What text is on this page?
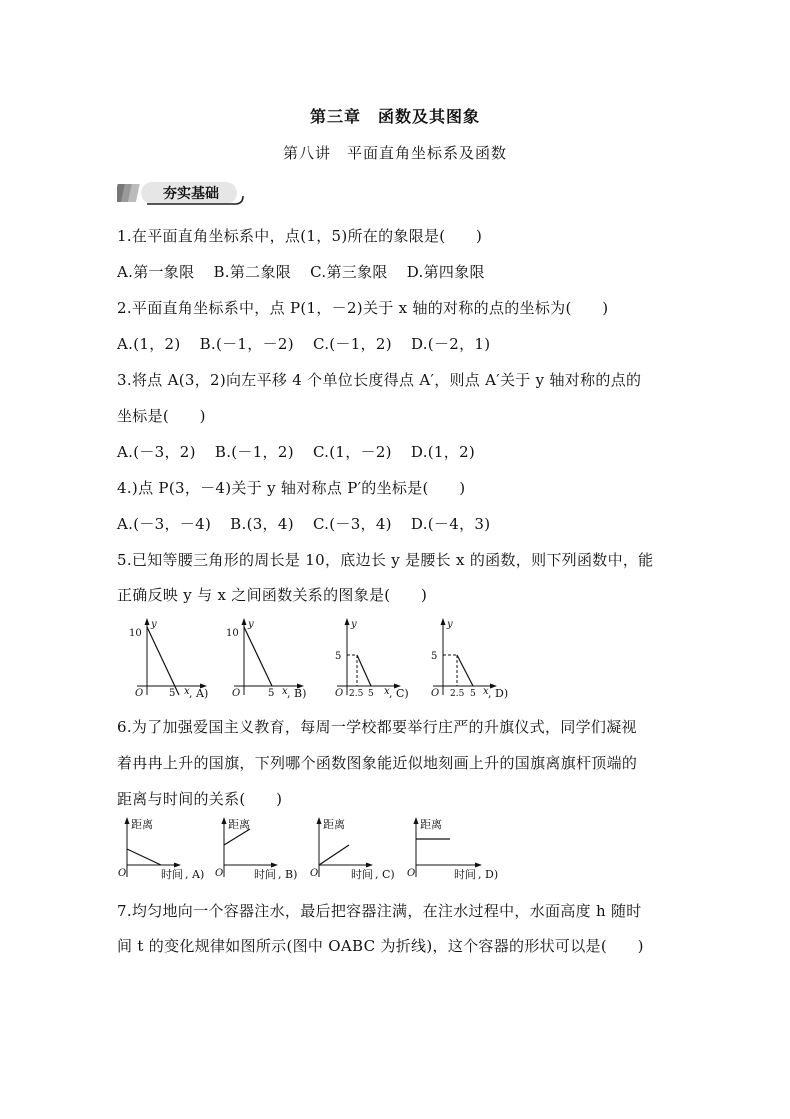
第三章　函数及其图象
第八讲　平面直角坐标系及函数
夯实基础
1.在平面直角坐标系中，点(1，5)所在的象限是(　　)
A.第一象限 B.第二象限 C.第三象限 D.第四象限
2.平面直角坐标系中，点 P(1，－2)关于 x 轴的对称的点的坐标为(　　)
A.(1，2) B.(－1，－2) C.(－1，2) D.(－2，1)
3.将点 A(3，2)向左平移 4 个单位长度得点 A′，则点 A′关于 y 轴对称的点的
坐标是(　　)
A.(－3，2) B.(－1，2) C.(1，－2) D.(1，2)
4.)点 P(3，－4)关于 y 轴对称点 P′的坐标是(　　)
A.(－3，－4) B.(3，4) C.(－3，4) D.(－4，3)
5.已知等腰三角形的周长是 10，底边长 y 是腰长 x 的函数，则下列函数中，能
正确反映 y 与 x 之间函数关系的图象是(　　)
y
10
O	5 x , A)
y
10
O	5 x , B)
y
5
O 2.5 5 x , C)
y
5
O 2.5 5 x , D)
6.为了加强爱国主义教育，每周一学校都要举行庄严的升旗仪式，同学们凝视
着冉冉上升的国旗，下列哪个函数图象能近似地刻画上升的国旗离旗杆顶端的
距离与时间的关系(　　)
距离
O	时间 , A)
距离
O	时间 , B)
距离
O	时间 , C)
距离
O	时间 , D)
7.均匀地向一个容器注水，最后把容器注满，在注水过程中，水面高度 h 随时
间 t 的变化规律如图所示(图中 OABC 为折线)，这个容器的形状可以是(　　)
